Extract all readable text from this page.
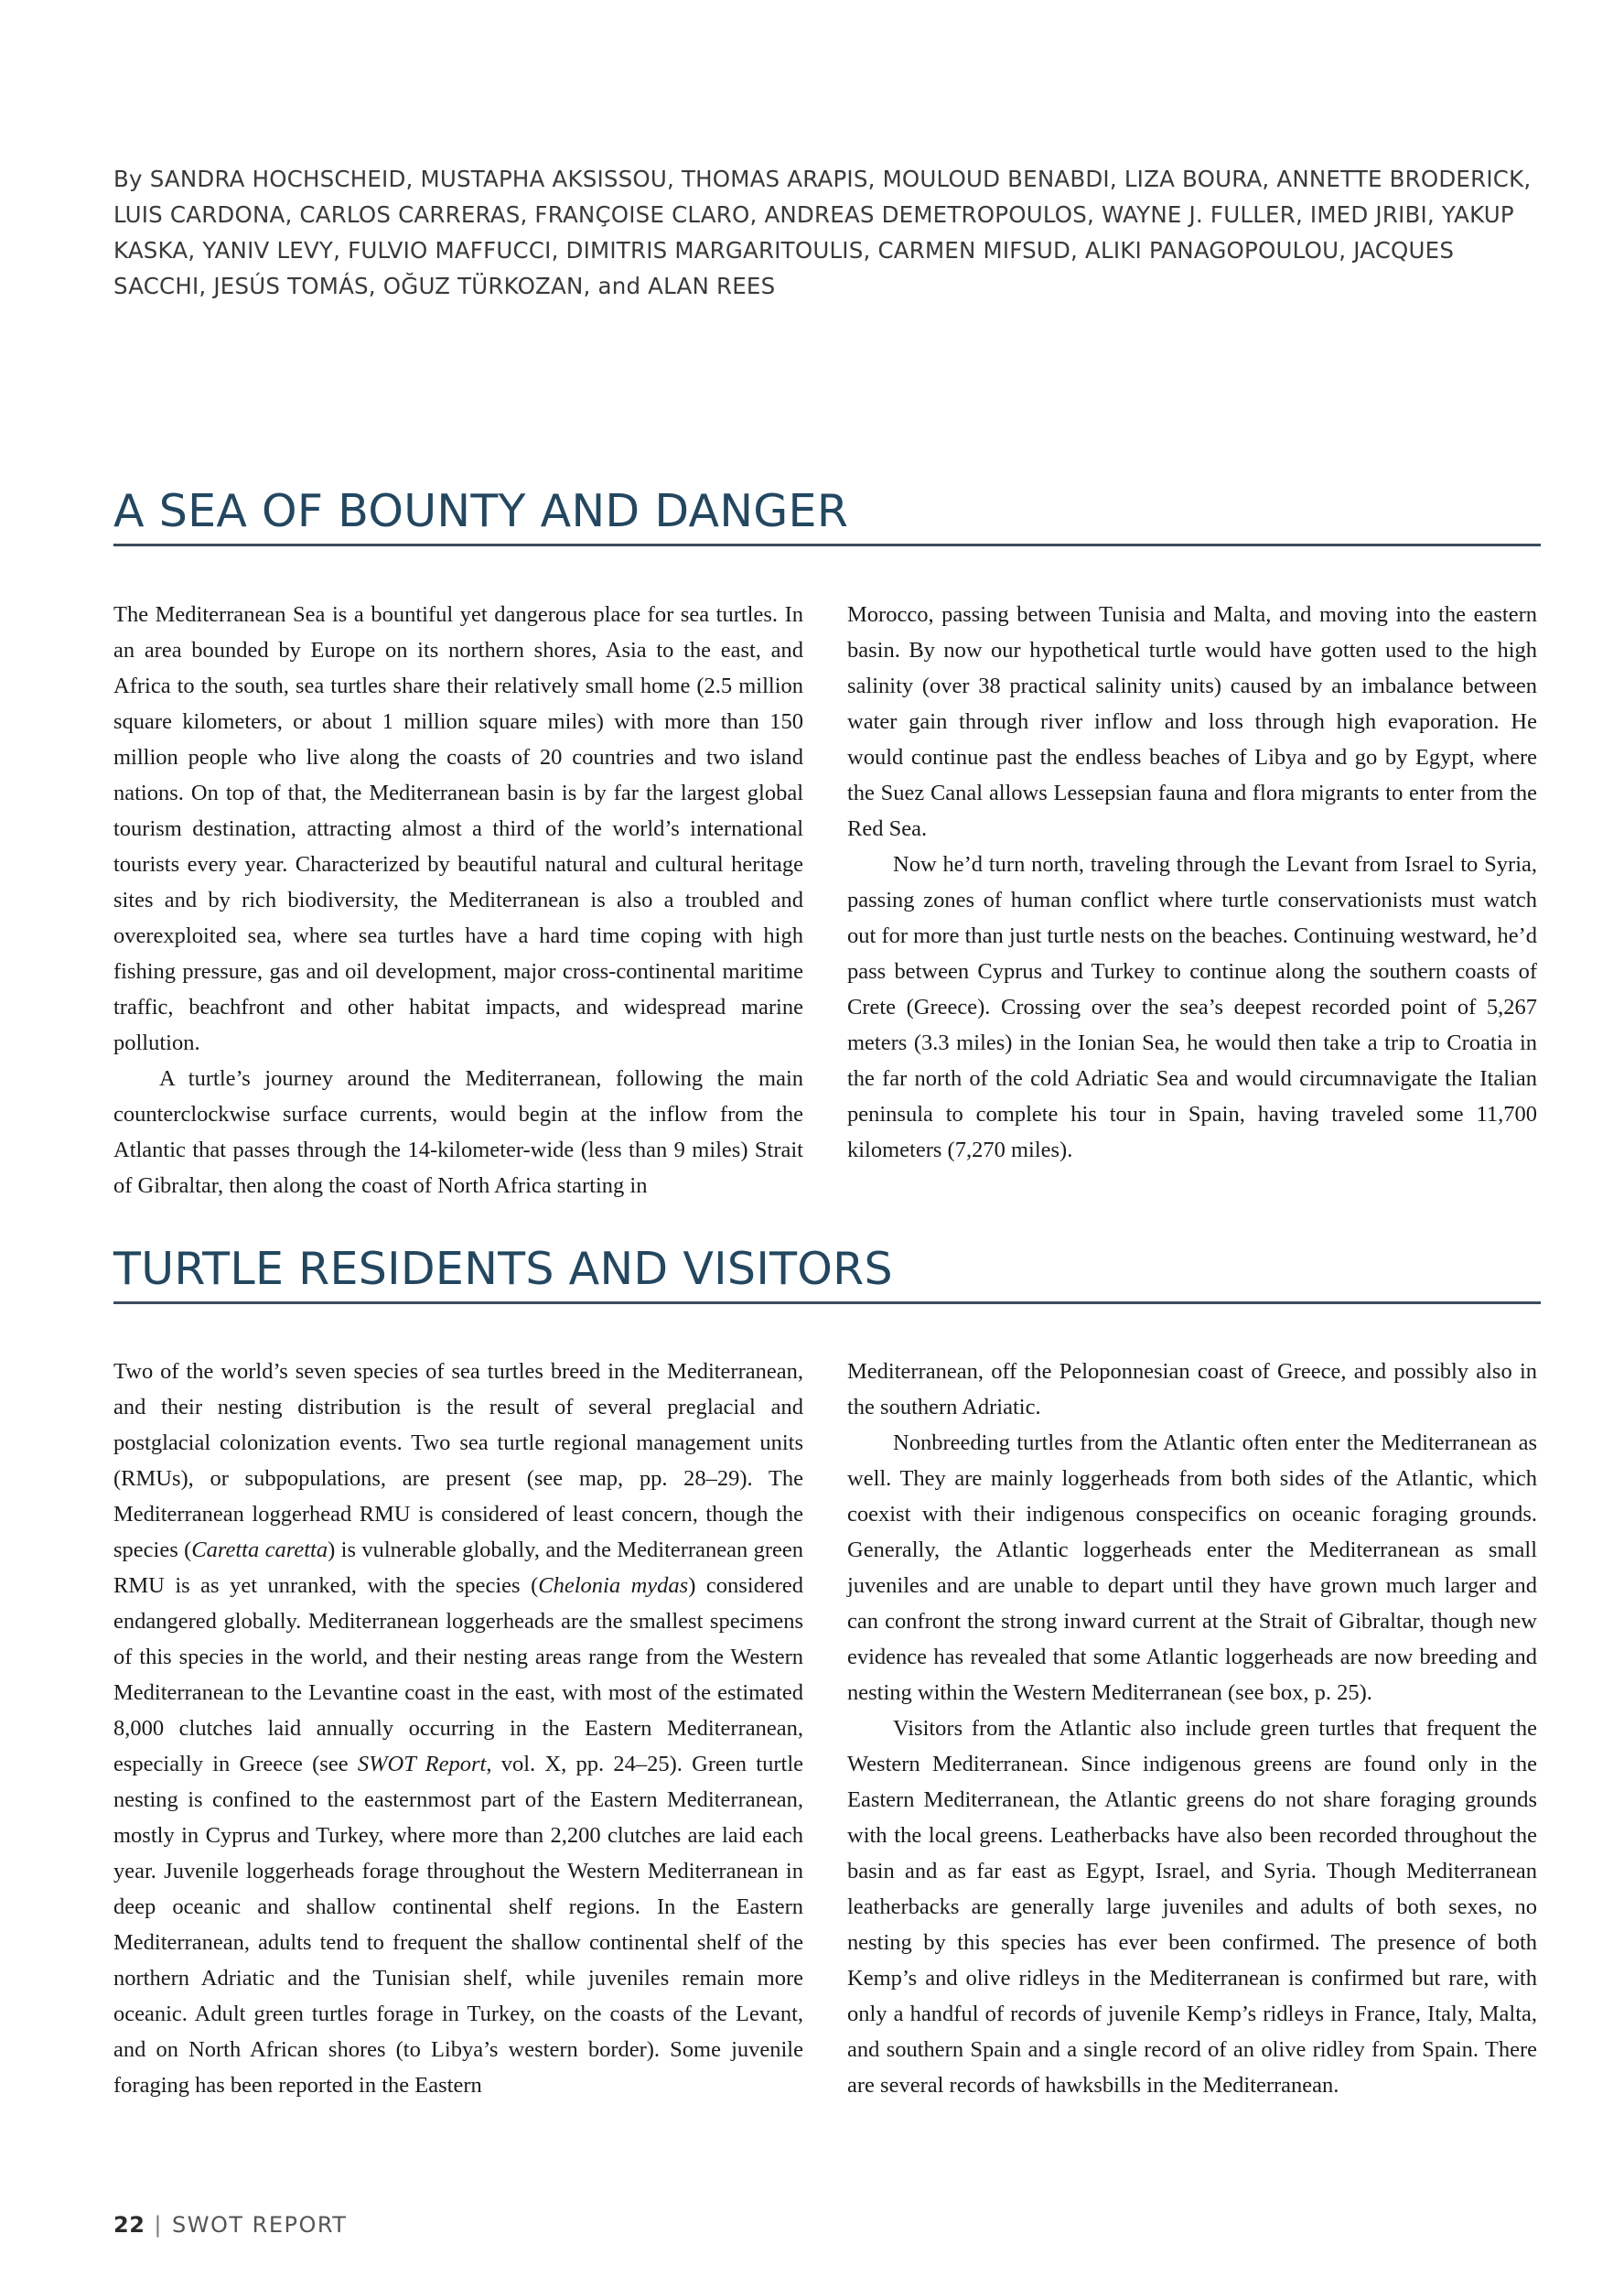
By SANDRA HOCHSCHEID, MUSTAPHA AKSISSOU, THOMAS ARAPIS, MOULOUD BENABDI, LIZA BOURA, ANNETTE BRODERICK, LUIS CARDONA, CARLOS CARRERAS, FRANÇOISE CLARO, ANDREAS DEMETROPOULOS, WAYNE J. FULLER, IMED JRIBI, YAKUP KASKA, YANIV LEVY, FULVIO MAFFUCCI, DIMITRIS MARGARITOULIS, CARMEN MIFSUD, ALIKI PANAGOPOULOU, JACQUES SACCHI, JESÚS TOMÁS, OĞUZ TÜRKOZAN, and ALAN REES
A SEA OF BOUNTY AND DANGER

The Mediterranean Sea is a bountiful yet dangerous place for sea turtles. In an area bounded by Europe on its northern shores, Asia to the east, and Africa to the south, sea turtles share their relatively small home (2.5 million square kilometers, or about 1 million square miles) with more than 150 million people who live along the coasts of 20 countries and two island nations. On top of that, the Mediterranean basin is by far the largest global tourism destination, attracting almost a third of the world’s international tourists every year. Characterized by beautiful natural and cultural heritage sites and by rich biodiversity, the Mediterranean is also a troubled and overexploited sea, where sea turtles have a hard time coping with high fishing pressure, gas and oil development, major cross-continental maritime traffic, beachfront and other habitat impacts, and widespread marine pollution.

A turtle’s journey around the Mediterranean, following the main counterclockwise surface currents, would begin at the inflow from the Atlantic that passes through the 14-kilometer-wide (less than 9 miles) Strait of Gibraltar, then along the coast of North Africa starting in

Morocco, passing between Tunisia and Malta, and moving into the eastern basin. By now our hypothetical turtle would have gotten used to the high salinity (over 38 practical salinity units) caused by an imbalance between water gain through river inflow and loss through high evaporation. He would continue past the endless beaches of Libya and go by Egypt, where the Suez Canal allows Lessepsian fauna and flora migrants to enter from the Red Sea.

Now he’d turn north, traveling through the Levant from Israel to Syria, passing zones of human conflict where turtle conservationists must watch out for more than just turtle nests on the beaches. Continuing westward, he’d pass between Cyprus and Turkey to continue along the southern coasts of Crete (Greece). Crossing over the sea’s deepest recorded point of 5,267 meters (3.3 miles) in the Ionian Sea, he would then take a trip to Croatia in the far north of the cold Adriatic Sea and would circumnavigate the Italian peninsula to complete his tour in Spain, having traveled some 11,700 kilometers (7,270 miles).

TURTLE RESIDENTS AND VISITORS

Two of the world’s seven species of sea turtles breed in the Mediterranean, and their nesting distribution is the result of several preglacial and postglacial colonization events. Two sea turtle regional management units (RMUs), or subpopulations, are present (see map, pp. 28–29). The Mediterranean loggerhead RMU is considered of least concern, though the species (Caretta caretta) is vulnerable globally, and the Mediterranean green RMU is as yet unranked, with the species (Chelonia mydas) considered endangered globally. Mediterranean loggerheads are the smallest specimens of this species in the world, and their nesting areas range from the Western Mediterranean to the Levantine coast in the east, with most of the estimated 8,000 clutches laid annually occurring in the Eastern Mediterranean, especially in Greece (see SWOT Report, vol. X, pp. 24–25). Green turtle nesting is confined to the easternmost part of the Eastern Mediterranean, mostly in Cyprus and Turkey, where more than 2,200 clutches are laid each year. Juvenile loggerheads forage throughout the Western Mediterranean in deep oceanic and shallow continental shelf regions. In the Eastern Mediterranean, adults tend to frequent the shallow continental shelf of the northern Adriatic and the Tunisian shelf, while juveniles remain more oceanic. Adult green turtles forage in Turkey, on the coasts of the Levant, and on North African shores (to Libya’s western border). Some juvenile foraging has been reported in the Eastern

Mediterranean, off the Peloponnesian coast of Greece, and possibly also in the southern Adriatic.

Nonbreeding turtles from the Atlantic often enter the Mediterranean as well. They are mainly loggerheads from both sides of the Atlantic, which coexist with their indigenous conspecifics on oceanic foraging grounds. Generally, the Atlantic loggerheads enter the Mediterranean as small juveniles and are unable to depart until they have grown much larger and can confront the strong inward current at the Strait of Gibraltar, though new evidence has revealed that some Atlantic loggerheads are now breeding and nesting within the Western Mediterranean (see box, p. 25).

Visitors from the Atlantic also include green turtles that frequent the Western Mediterranean. Since indigenous greens are found only in the Eastern Mediterranean, the Atlantic greens do not share foraging grounds with the local greens. Leatherbacks have also been recorded throughout the basin and as far east as Egypt, Israel, and Syria. Though Mediterranean leatherbacks are generally large juveniles and adults of both sexes, no nesting by this species has ever been confirmed. The presence of both Kemp’s and olive ridleys in the Mediterranean is confirmed but rare, with only a handful of records of juvenile Kemp’s ridleys in France, Italy, Malta, and southern Spain and a single record of an olive ridley from Spain. There are several records of hawksbills in the Mediterranean.

22 | SWOT REPORT
